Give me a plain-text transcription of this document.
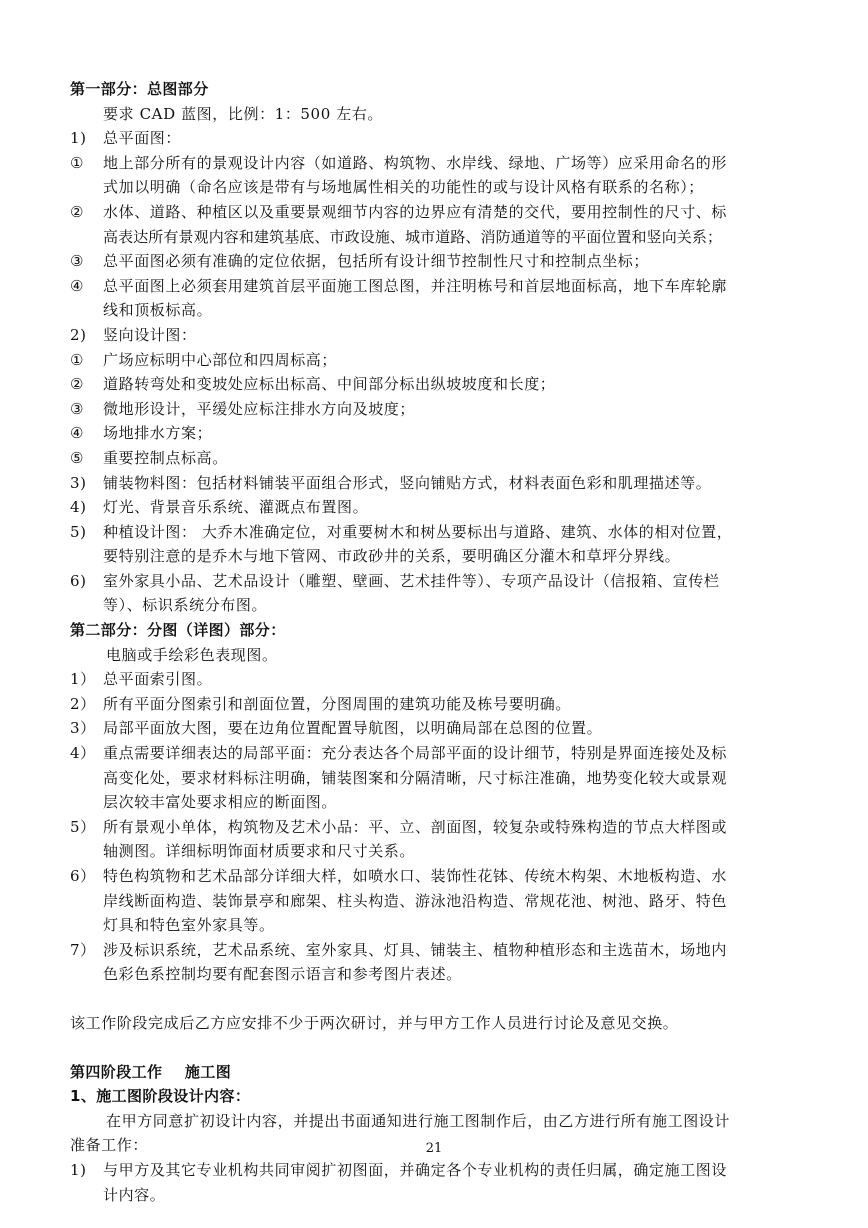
第一部分：总图部分
要求 CAD 蓝图，比例：1：500 左右。
1) 总平面图：
① 地上部分所有的景观设计内容（如道路、构筑物、水岸线、绿地、广场等）应采用命名的形
式加以明确（命名应该是带有与场地属性相关的功能性的或与设计风格有联系的名称）；
② 水体、道路、种植区以及重要景观细节内容的边界应有清楚的交代，要用控制性的尺寸、标
高表达所有景观内容和建筑基底、市政设施、城市道路、消防通道等的平面位置和竖向关系；
③ 总平面图必须有准确的定位依据，包括所有设计细节控制性尺寸和控制点坐标；
④ 总平面图上必须套用建筑首层平面施工图总图，并注明栋号和首层地面标高，地下车库轮廓
线和顶板标高。
2) 竖向设计图：
① 广场应标明中心部位和四周标高；
② 道路转弯处和变坡处应标出标高、中间部分标出纵坡坡度和长度；
③ 微地形设计，平缓处应标注排水方向及坡度；
④ 场地排水方案；
⑤ 重要控制点标高。
3) 铺装物料图：包括材料铺装平面组合形式，竖向铺贴方式，材料表面色彩和肌理描述等。
4) 灯光、背景音乐系统、灌溉点布置图。
5) 种植设计图： 大乔木准确定位，对重要树木和树丛要标出与道路、建筑、水体的相对位置，
要特别注意的是乔木与地下管网、市政砂井的关系，要明确区分灌木和草坪分界线。
6) 室外家具小品、艺术品设计（雕塑、壁画、艺术挂件等）、专项产品设计（信报箱、宣传栏
等）、标识系统分布图。
第二部分：分图（详图）部分：
电脑或手绘彩色表现图。
1） 总平面索引图。
2） 所有平面分图索引和剖面位置，分图周围的建筑功能及栋号要明确。
3） 局部平面放大图，要在边角位置配置导航图，以明确局部在总图的位置。
4） 重点需要详细表达的局部平面：充分表达各个局部平面的设计细节，特别是界面连接处及标
高变化处，要求材料标注明确，铺装图案和分隔清晰，尺寸标注准确，地势变化较大或景观
层次较丰富处要求相应的断面图。
5） 所有景观小单体，构筑物及艺术小品：平、立、剖面图，较复杂或特殊构造的节点大样图或
轴测图。详细标明饰面材质要求和尺寸关系。
6） 特色构筑物和艺术品部分详细大样，如喷水口、装饰性花钵、传统木构架、木地板构造、水
岸线断面构造、装饰景亭和廊架、柱头构造、游泳池沿构造、常规花池、树池、路牙、特色
灯具和特色室外家具等。
7） 涉及标识系统，艺术品系统、室外家具、灯具、铺装主、植物种植形态和主选苗木，场地内
色彩色系控制均要有配套图示语言和参考图片表述。
该工作阶段完成后乙方应安排不少于两次研讨，并与甲方工作人员进行讨论及意见交换。
第四阶段工作    施工图
1、施工图阶段设计内容：
在甲方同意扩初设计内容，并提出书面通知进行施工图制作后，由乙方进行所有施工图设计
准备工作：
1) 与甲方及其它专业机构共同审阅扩初图面，并确定各个专业机构的责任归属，确定施工图设
计内容。
21
